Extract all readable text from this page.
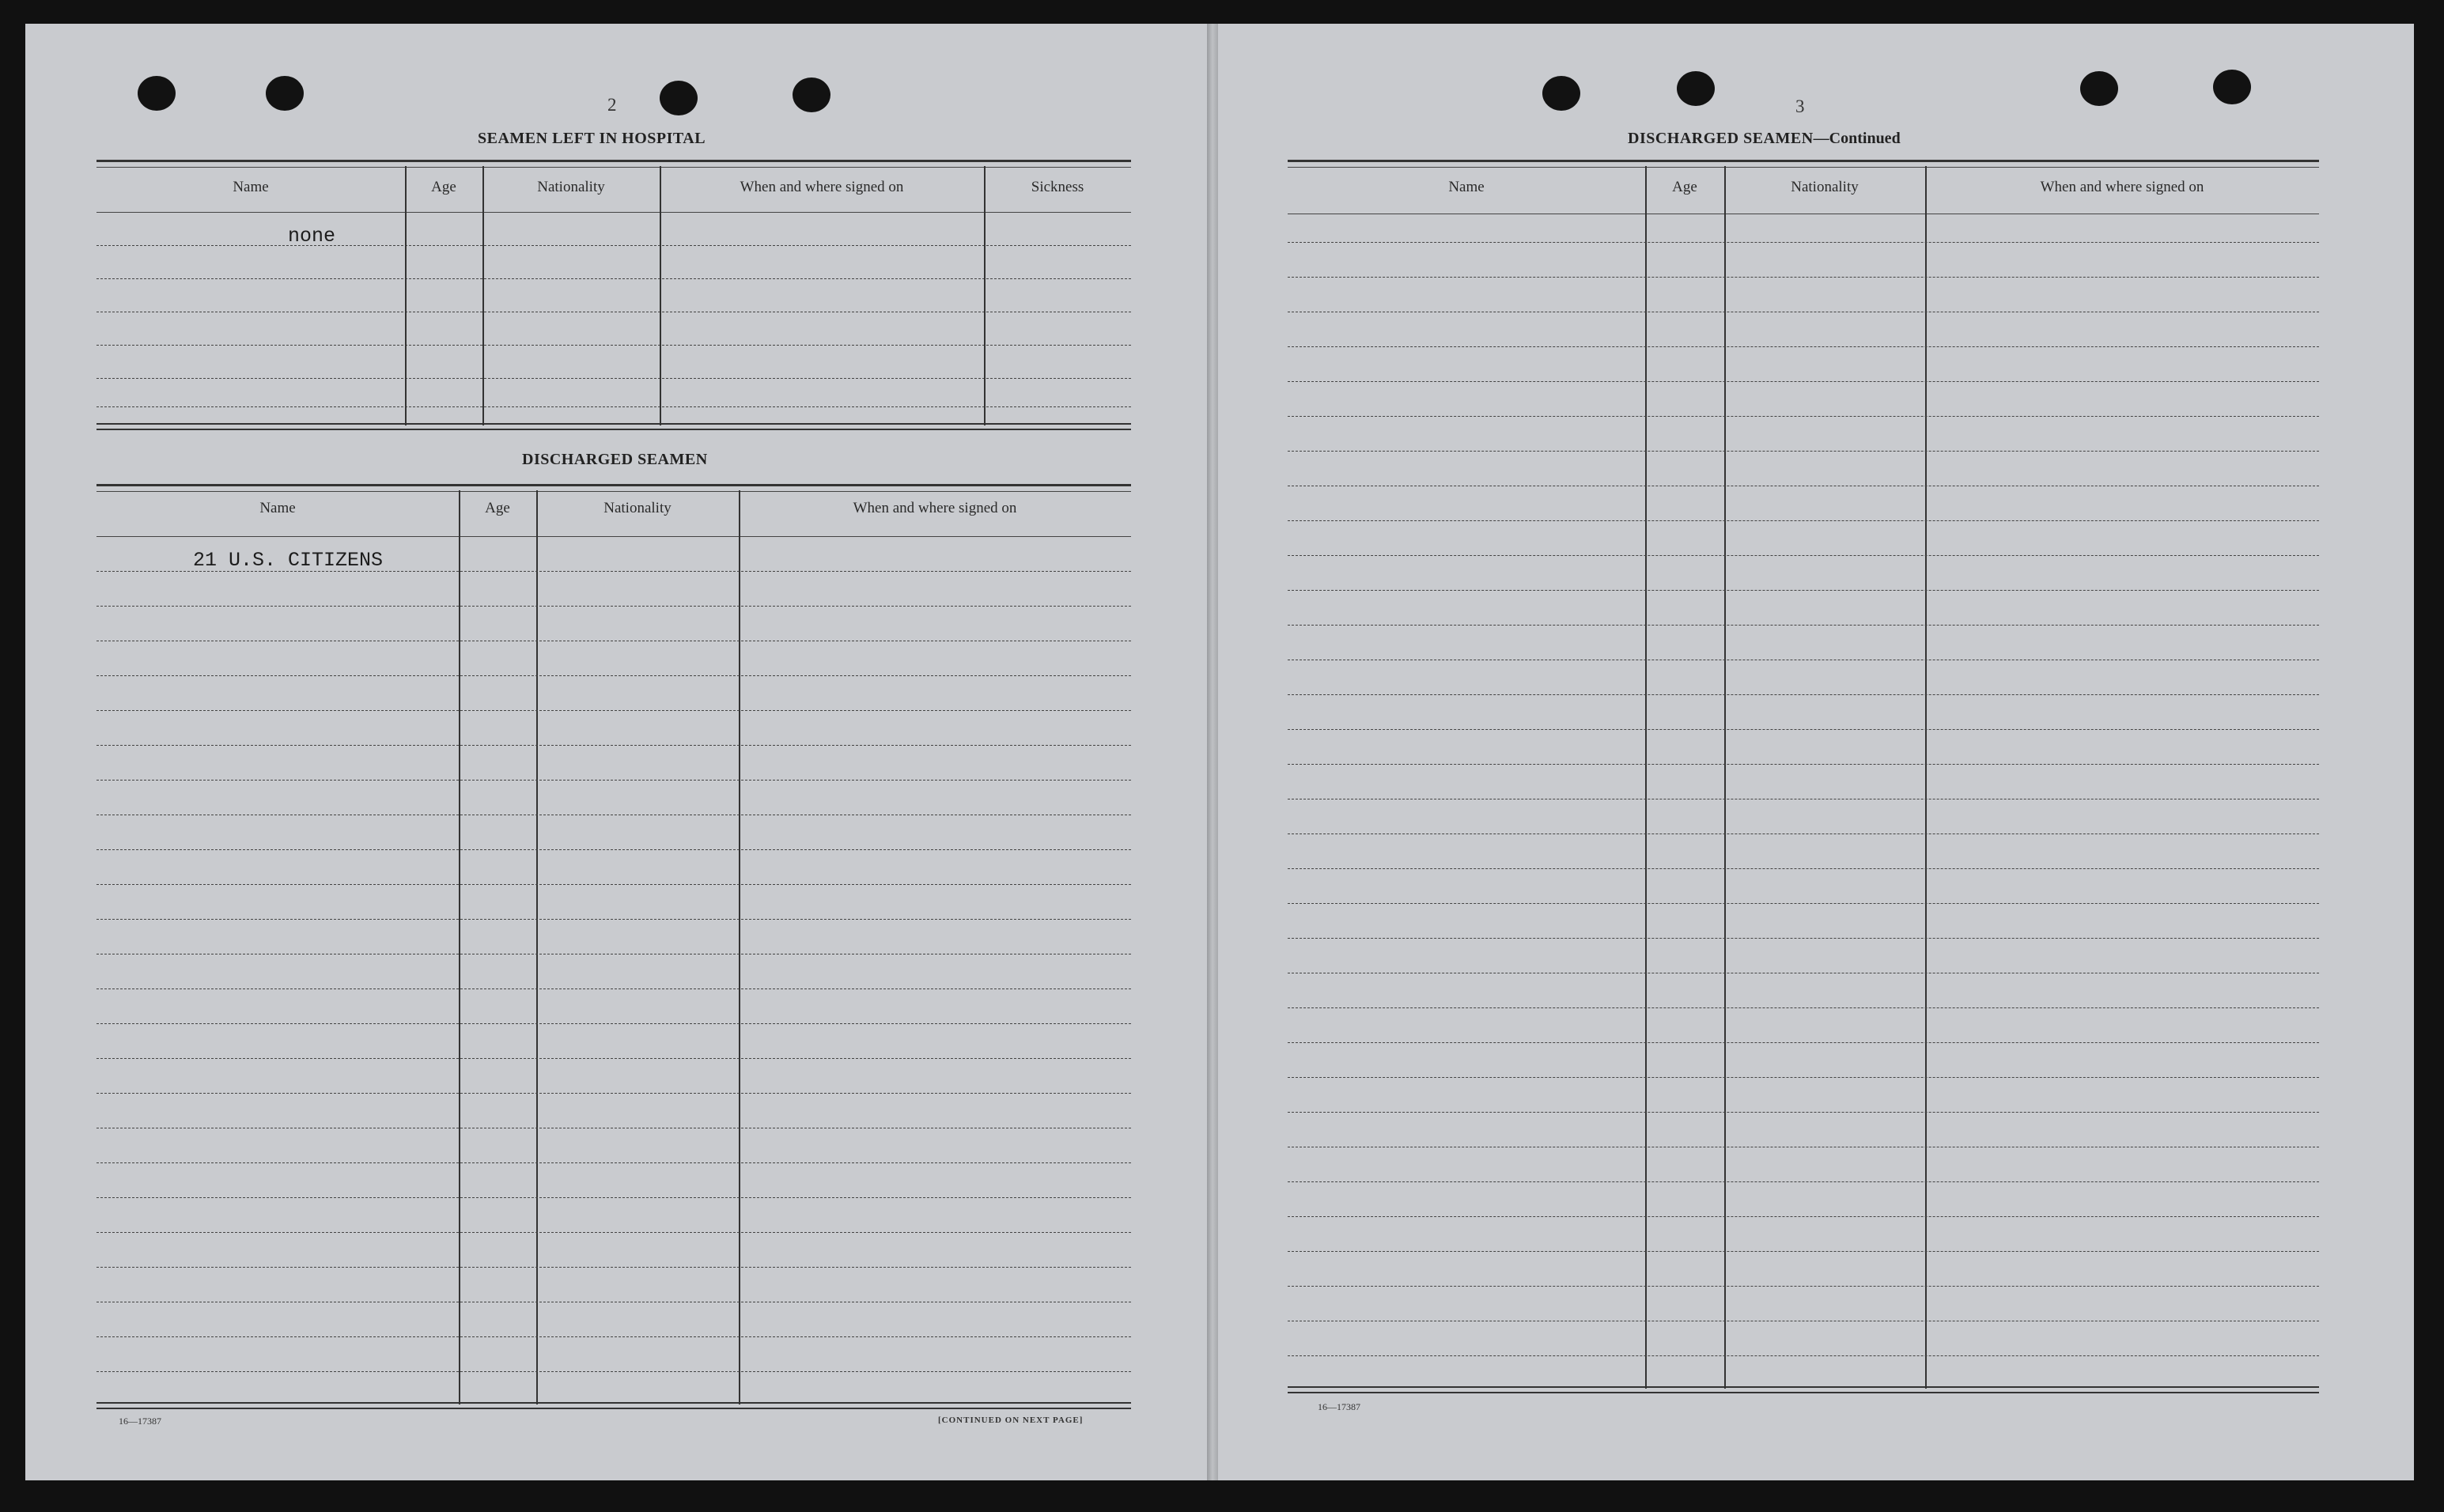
2
SEAMEN LEFT IN HOSPITAL
Name	Age	Nationality	When and where signed on	Sickness
none
DISCHARGED SEAMEN
Name	Age	Nationality	When and where signed on
21 U.S. CITIZENS
16—17387	[CONTINUED ON NEXT PAGE]
3
DISCHARGED SEAMEN—Continued
Name	Age	Nationality	When and where signed on
16—17387
